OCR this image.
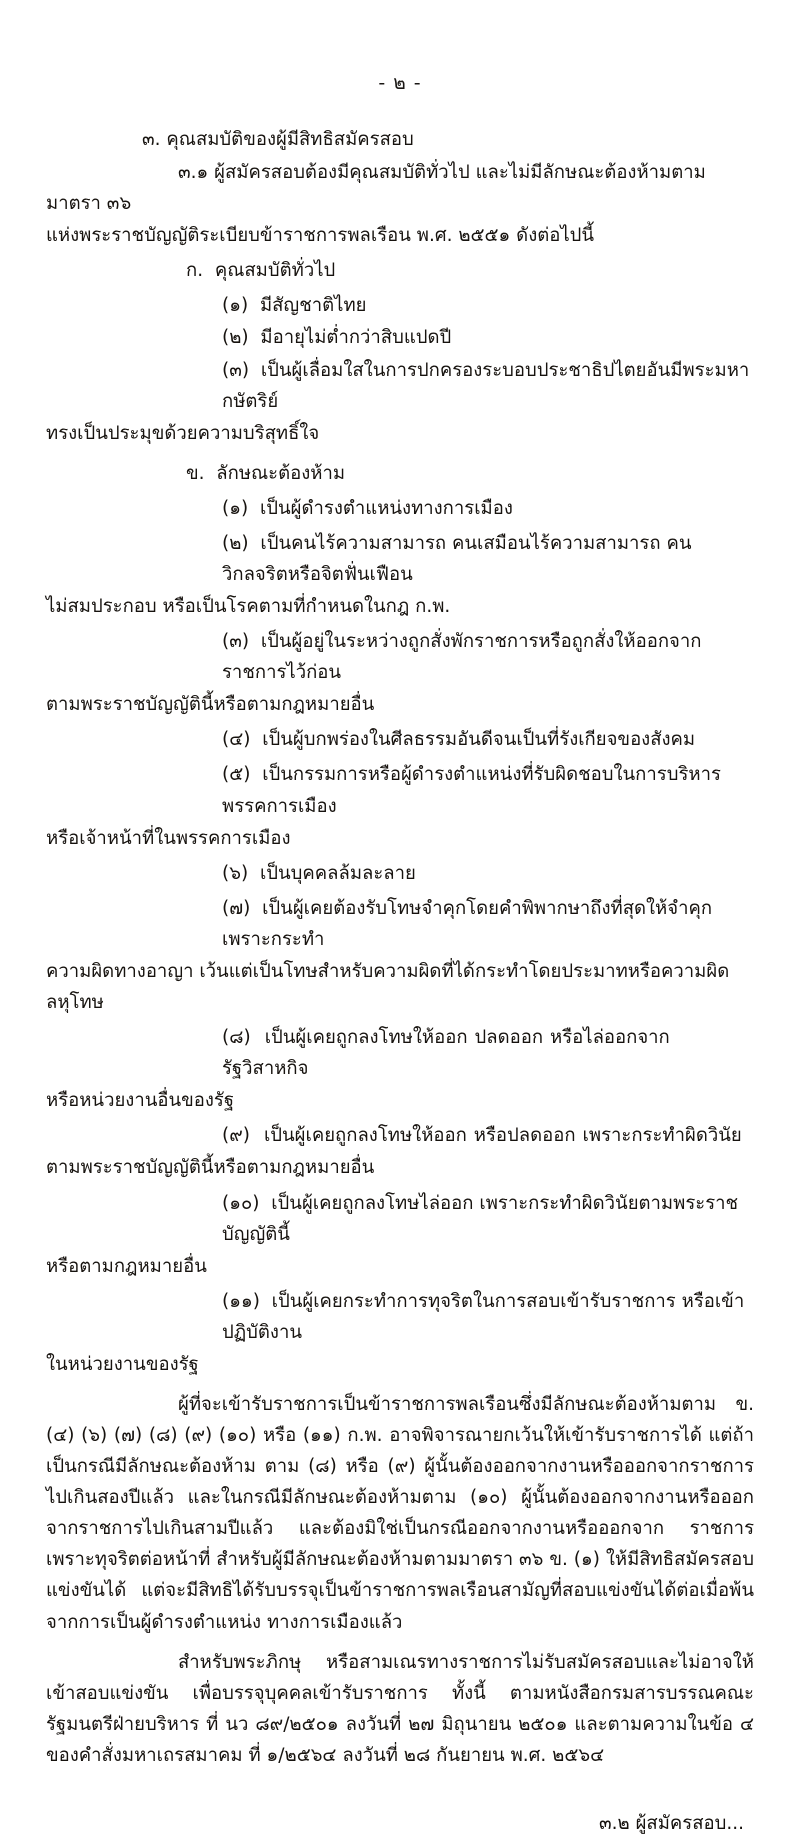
- ๒ -
๓. คุณสมบัติของผู้มีสิทธิสมัครสอบ
๓.๑ ผู้สมัครสอบต้องมีคุณสมบัติทั่วไป และไม่มีลักษณะต้องห้ามตามมาตรา ๓๖
แห่งพระราชบัญญัติระเบียบข้าราชการพลเรือน พ.ศ. ๒๕๕๑ ดังต่อไปนี้
ก.  คุณสมบัติทั่วไป
(๑)  มีสัญชาติไทย
(๒)  มีอายุไม่ต่ำกว่าสิบแปดปี
(๓)  เป็นผู้เลื่อมใสในการปกครองระบอบประชาธิปไตยอันมีพระมหากษัตริย์
ทรงเป็นประมุขด้วยความบริสุทธิ์ใจ
ข.  ลักษณะต้องห้าม
(๑)  เป็นผู้ดำรงตำแหน่งทางการเมือง
(๒)  เป็นคนไร้ความสามารถ คนเสมือนไร้ความสามารถ คนวิกลจริตหรือจิตฟั่นเฟือน
ไม่สมประกอบ หรือเป็นโรคตามที่กำหนดในกฎ ก.พ.
(๓)  เป็นผู้อยู่ในระหว่างถูกสั่งพักราชการหรือถูกสั่งให้ออกจากราชการไว้ก่อน
ตามพระราชบัญญัตินี้หรือตามกฎหมายอื่น
(๔)  เป็นผู้บกพร่องในศีลธรรมอันดีจนเป็นที่รังเกียจของสังคม
(๕)  เป็นกรรมการหรือผู้ดำรงตำแหน่งที่รับผิดชอบในการบริหารพรรคการเมือง
หรือเจ้าหน้าที่ในพรรคการเมือง
(๖)  เป็นบุคคลล้มละลาย
(๗)  เป็นผู้เคยต้องรับโทษจำคุกโดยคำพิพากษาถึงที่สุดให้จำคุกเพราะกระทำ
ความผิดทางอาญา เว้นแต่เป็นโทษสำหรับความผิดที่ได้กระทำโดยประมาทหรือความผิดลหุโทษ
(๘)  เป็นผู้เคยถูกลงโทษให้ออก ปลดออก หรือไล่ออกจากรัฐวิสาหกิจ
หรือหน่วยงานอื่นของรัฐ
(๙)  เป็นผู้เคยถูกลงโทษให้ออก หรือปลดออก เพราะกระทำผิดวินัย
ตามพระราชบัญญัตินี้หรือตามกฎหมายอื่น
(๑๐)  เป็นผู้เคยถูกลงโทษไล่ออก เพราะกระทำผิดวินัยตามพระราชบัญญัตินี้
หรือตามกฎหมายอื่น
(๑๑)  เป็นผู้เคยกระทำการทุจริตในการสอบเข้ารับราชการ หรือเข้าปฏิบัติงาน
ในหน่วยงานของรัฐ
ผู้ที่จะเข้ารับราชการเป็นข้าราชการพลเรือนซึ่งมีลักษณะต้องห้ามตาม ข. (๔) (๖) (๗) (๘) (๙) (๑๐) หรือ (๑๑) ก.พ. อาจพิจารณายกเว้นให้เข้ารับราชการได้ แต่ถ้าเป็นกรณีมีลักษณะต้องห้าม ตาม (๘) หรือ (๙) ผู้นั้นต้องออกจากงานหรือออกจากราชการไปเกินสองปีแล้ว และในกรณีมีลักษณะต้องห้ามตาม (๑๐) ผู้นั้นต้องออกจากงานหรือออกจากราชการไปเกินสามปีแล้ว และต้องมิใช่เป็นกรณีออกจากงานหรือออกจาก ราชการเพราะทุจริตต่อหน้าที่ สำหรับผู้มีลักษณะต้องห้ามตามมาตรา ๓๖ ข. (๑) ให้มีสิทธิสมัครสอบแข่งขันได้ แต่จะมีสิทธิได้รับบรรจุเป็นข้าราชการพลเรือนสามัญที่สอบแข่งขันได้ต่อเมื่อพ้นจากการเป็นผู้ดำรงตำแหน่ง ทางการเมืองแล้ว
สำหรับพระภิกษุ หรือสามเณรทางราชการไม่รับสมัครสอบและไม่อาจให้เข้าสอบแข่งขัน เพื่อบรรจุบุคคลเข้ารับราชการ ทั้งนี้ ตามหนังสือกรมสารบรรณคณะรัฐมนตรีฝ่ายบริหาร ที่ นว ๘๙/๒๕๐๑ ลงวันที่ ๒๗ มิถุนายน ๒๕๐๑ และตามความในข้อ ๔ ของคำสั่งมหาเถรสมาคม ที่ ๑/๒๕๖๔ ลงวันที่ ๒๘ กันยายน พ.ศ. ๒๕๖๔
๓.๒ ผู้สมัครสอบ...
